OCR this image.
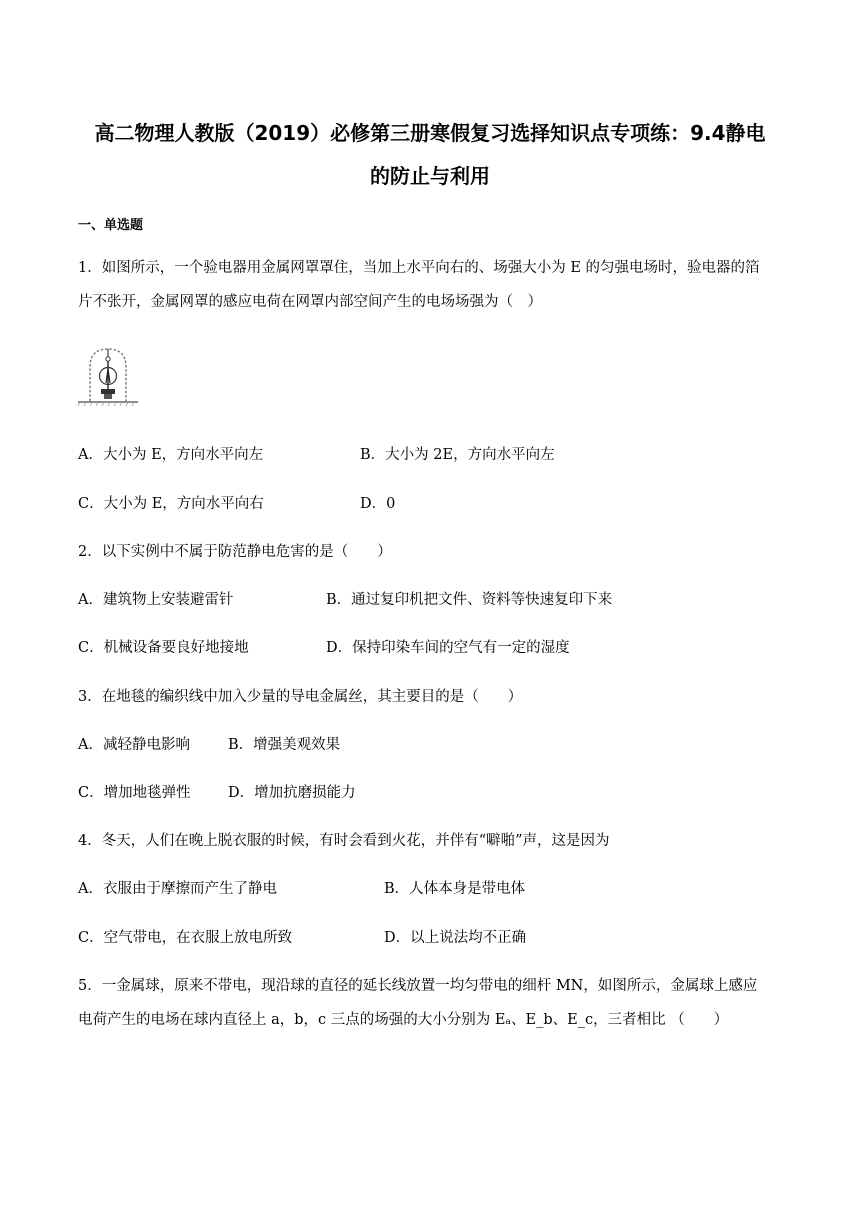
高二物理人教版（2019）必修第三册寒假复习选择知识点专项练：9.4静电
的防止与利用
一、单选题
1．如图所示，一个验电器用金属网罩罩住，当加上水平向右的、场强大小为 E 的匀强电场时，验电器的箔
片不张开，金属网罩的感应电荷在网罩内部空间产生的电场场强为（　）
A．大小为 E，方向水平向左	B．大小为 2E，方向水平向左
C．大小为 E，方向水平向右	D．0
2．以下实例中不属于防范静电危害的是（　　）
A．建筑物上安装避雷针	B．通过复印机把文件、资料等快速复印下来
C．机械设备要良好地接地	D．保持印染车间的空气有一定的湿度
3．在地毯的编织线中加入少量的导电金属丝，其主要目的是（　　）
A．减轻静电影响	B．增强美观效果
C．增加地毯弹性	D．增加抗磨损能力
4．冬天，人们在晚上脱衣服的时候，有时会看到火花，并伴有“噼啪”声，这是因为
A．衣服由于摩擦而产生了静电	B．人体本身是带电体
C．空气带电，在衣服上放电所致	D．以上说法均不正确
5．一金属球，原来不带电，现沿球的直径的延长线放置一均匀带电的细杆 MN，如图所示，金属球上感应
电荷产生的电场在球内直径上 a，b，c 三点的场强的大小分别为 Eₐ、E_b、E_c，三者相比 （　　）
